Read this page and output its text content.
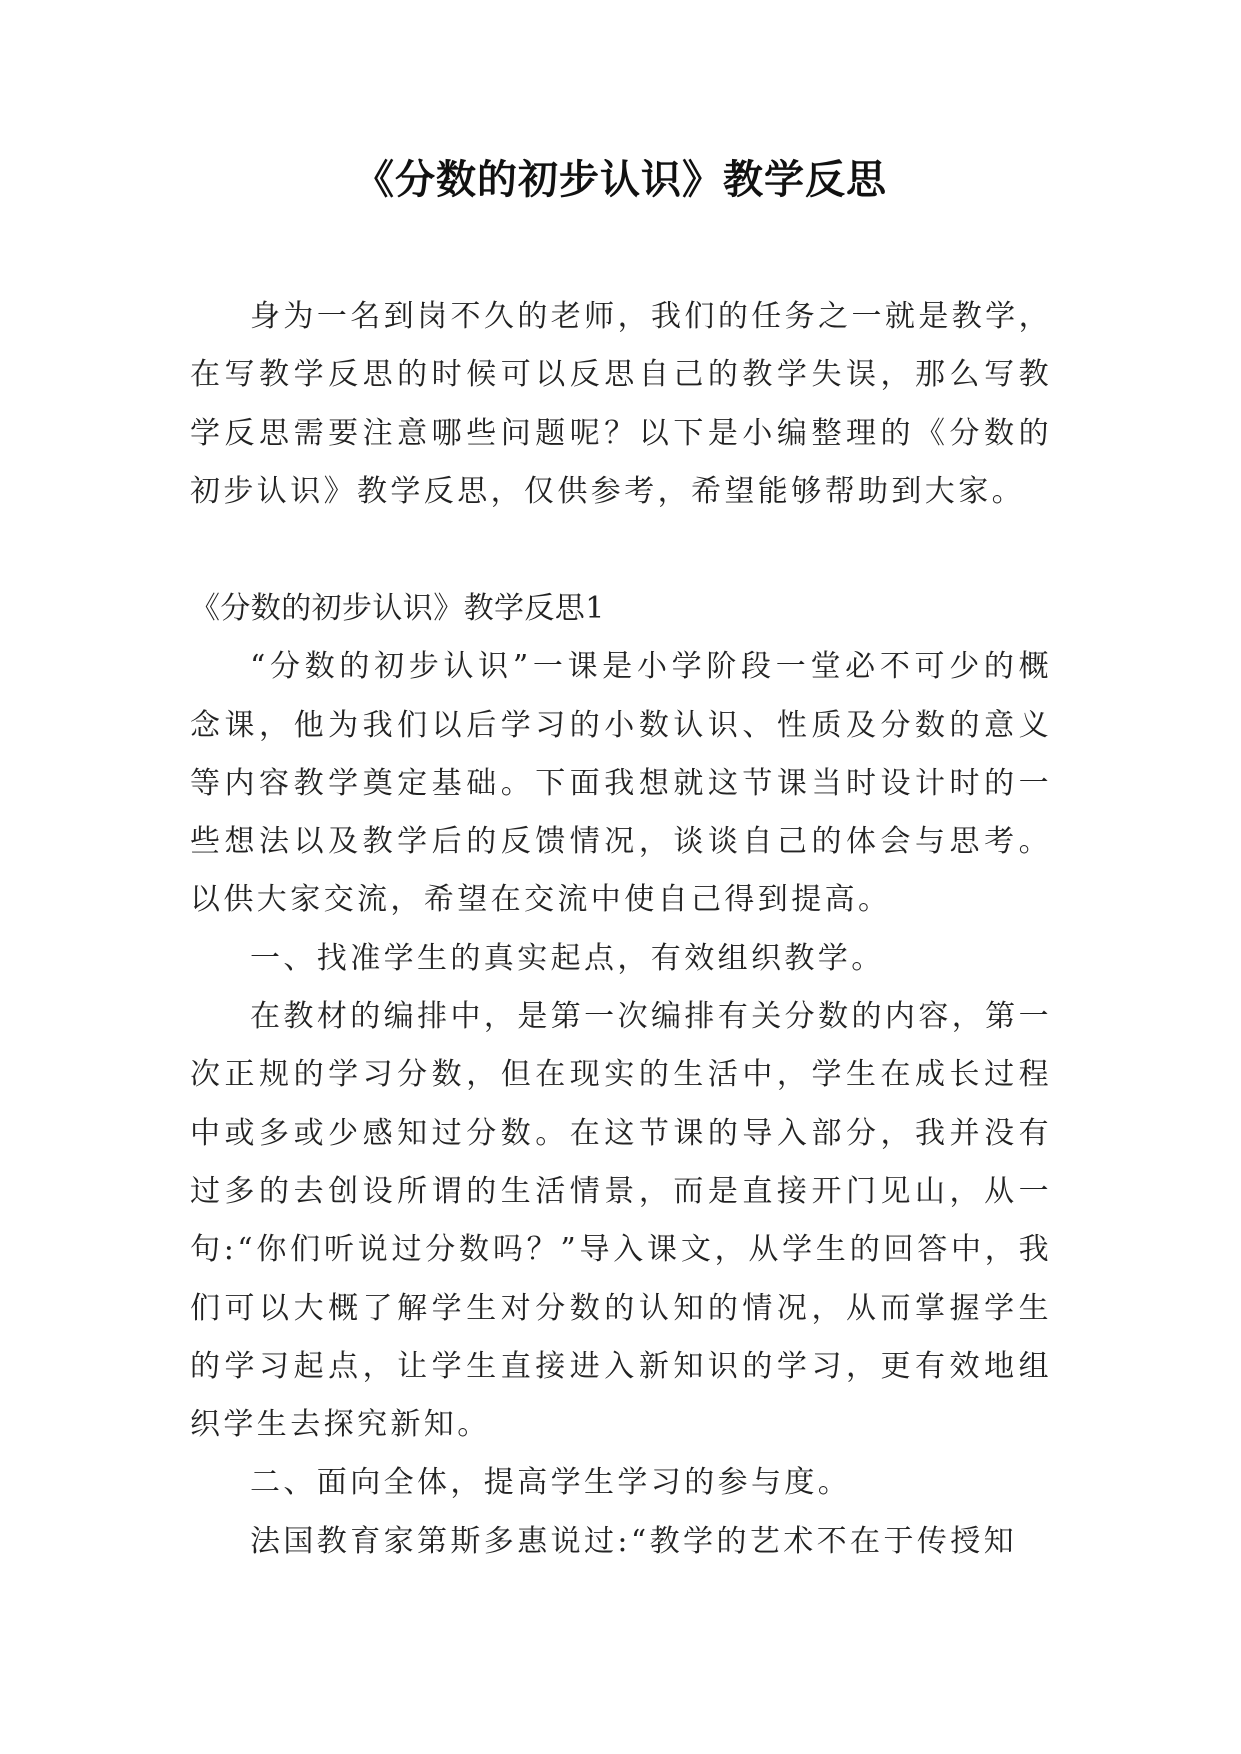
《分数的初步认识》教学反思

身为一名到岗不久的老师，我们的任务之一就是教学，在写教学反思的时候可以反思自己的教学失误，那么写教学反思需要注意哪些问题呢？以下是小编整理的《分数的初步认识》教学反思，仅供参考，希望能够帮助到大家。

《分数的初步认识》教学反思1

“分数的初步认识”一课是小学阶段一堂必不可少的概念课，他为我们以后学习的小数认识、性质及分数的意义等内容教学奠定基础。下面我想就这节课当时设计时的一些想法以及教学后的反馈情况，谈谈自己的体会与思考。以供大家交流，希望在交流中使自己得到提高。

一、找准学生的真实起点，有效组织教学。

在教材的编排中，是第一次编排有关分数的内容，第一次正规的学习分数，但在现实的生活中，学生在成长过程中或多或少感知过分数。在这节课的导入部分，我并没有过多的去创设所谓的生活情景，而是直接开门见山，从一句:“你们听说过分数吗？”导入课文，从学生的回答中，我们可以大概了解学生对分数的认知的情况，从而掌握学生的学习起点，让学生直接进入新知识的学习，更有效地组织学生去探究新知。

二、面向全体，提高学生学习的参与度。

法国教育家第斯多惠说过:“教学的艺术不在于传授知
